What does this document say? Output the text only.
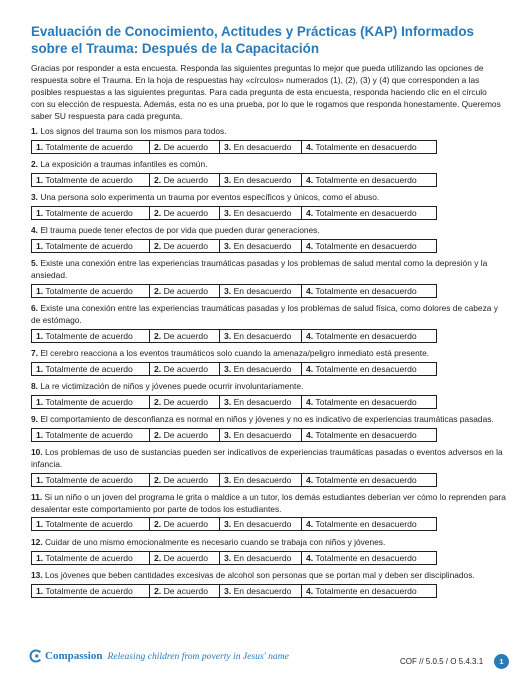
Evaluación de Conocimiento, Actitudes y Prácticas (KAP) Informados sobre el Trauma: Después de la Capacitación

Gracias por responder a esta encuesta. Responda las siguientes preguntas lo mejor que pueda utilizando las opciones de respuesta sobre el Trauma. En la hoja de respuestas hay «círculos» numerados (1), (2), (3) y (4) que corresponden a las posibles respuestas a las siguientes preguntas. Para cada pregunta de esta encuesta, responda haciendo clic en el círculo con su elección de respuesta. Además, esta no es una prueba, por lo que le rogamos que responda honestamente. Queremos saber SU respuesta para cada pregunta.

1. Los signos del trauma son los mismos para todos.
1. Totalmente de acuerdo	2. De acuerdo	3. En desacuerdo	4. Totalmente en desacuerdo
2. La exposición a traumas infantiles es común.
1. Totalmente de acuerdo	2. De acuerdo	3. En desacuerdo	4. Totalmente en desacuerdo
3. Una persona solo experimenta un trauma por eventos específicos y únicos, como el abuso.
1. Totalmente de acuerdo	2. De acuerdo	3. En desacuerdo	4. Totalmente en desacuerdo
4. El trauma puede tener efectos de por vida que pueden durar generaciones.
1. Totalmente de acuerdo	2. De acuerdo	3. En desacuerdo	4. Totalmente en desacuerdo
5. Existe una conexión entre las experiencias traumáticas pasadas y los problemas de salud mental como la depresión y la ansiedad.
1. Totalmente de acuerdo	2. De acuerdo	3. En desacuerdo	4. Totalmente en desacuerdo
6. Existe una conexión entre las experiencias traumáticas pasadas y los problemas de salud física, como dolores de cabeza y de estómago.
1. Totalmente de acuerdo	2. De acuerdo	3. En desacuerdo	4. Totalmente en desacuerdo
7. El cerebro reacciona a los eventos traumáticos solo cuando la amenaza/peligro inmediato está presente.
1. Totalmente de acuerdo	2. De acuerdo	3. En desacuerdo	4. Totalmente en desacuerdo
8. La re victimización de niños y jóvenes puede ocurrir involuntariamente.
1. Totalmente de acuerdo	2. De acuerdo	3. En desacuerdo	4. Totalmente en desacuerdo
9. El comportamiento de desconfianza es normal en niños y jóvenes y no es indicativo de experiencias traumáticas pasadas.
1. Totalmente de acuerdo	2. De acuerdo	3. En desacuerdo	4. Totalmente en desacuerdo
10. Los problemas de uso de sustancias pueden ser indicativos de experiencias traumáticas pasadas o eventos adversos en la infancia.
1. Totalmente de acuerdo	2. De acuerdo	3. En desacuerdo	4. Totalmente en desacuerdo
11. Si un niño o un joven del programa le grita o maldice a un tutor, los demás estudiantes deberían ver cómo lo reprenden para desalentar este comportamiento por parte de todos los estudiantes.
1. Totalmente de acuerdo	2. De acuerdo	3. En desacuerdo	4. Totalmente en desacuerdo
12. Cuidar de uno mismo emocionalmente es necesario cuando se trabaja con niños y jóvenes.
1. Totalmente de acuerdo	2. De acuerdo	3. En desacuerdo	4. Totalmente en desacuerdo
13. Los jóvenes que beben cantidades excesivas de alcohol son personas que se portan mal y deben ser disciplinados.
1. Totalmente de acuerdo	2. De acuerdo	3. En desacuerdo	4. Totalmente en desacuerdo
Compassion Releasing children from poverty in Jesus' name	COF // 5.0.5 / O 5.4.3.1	1
